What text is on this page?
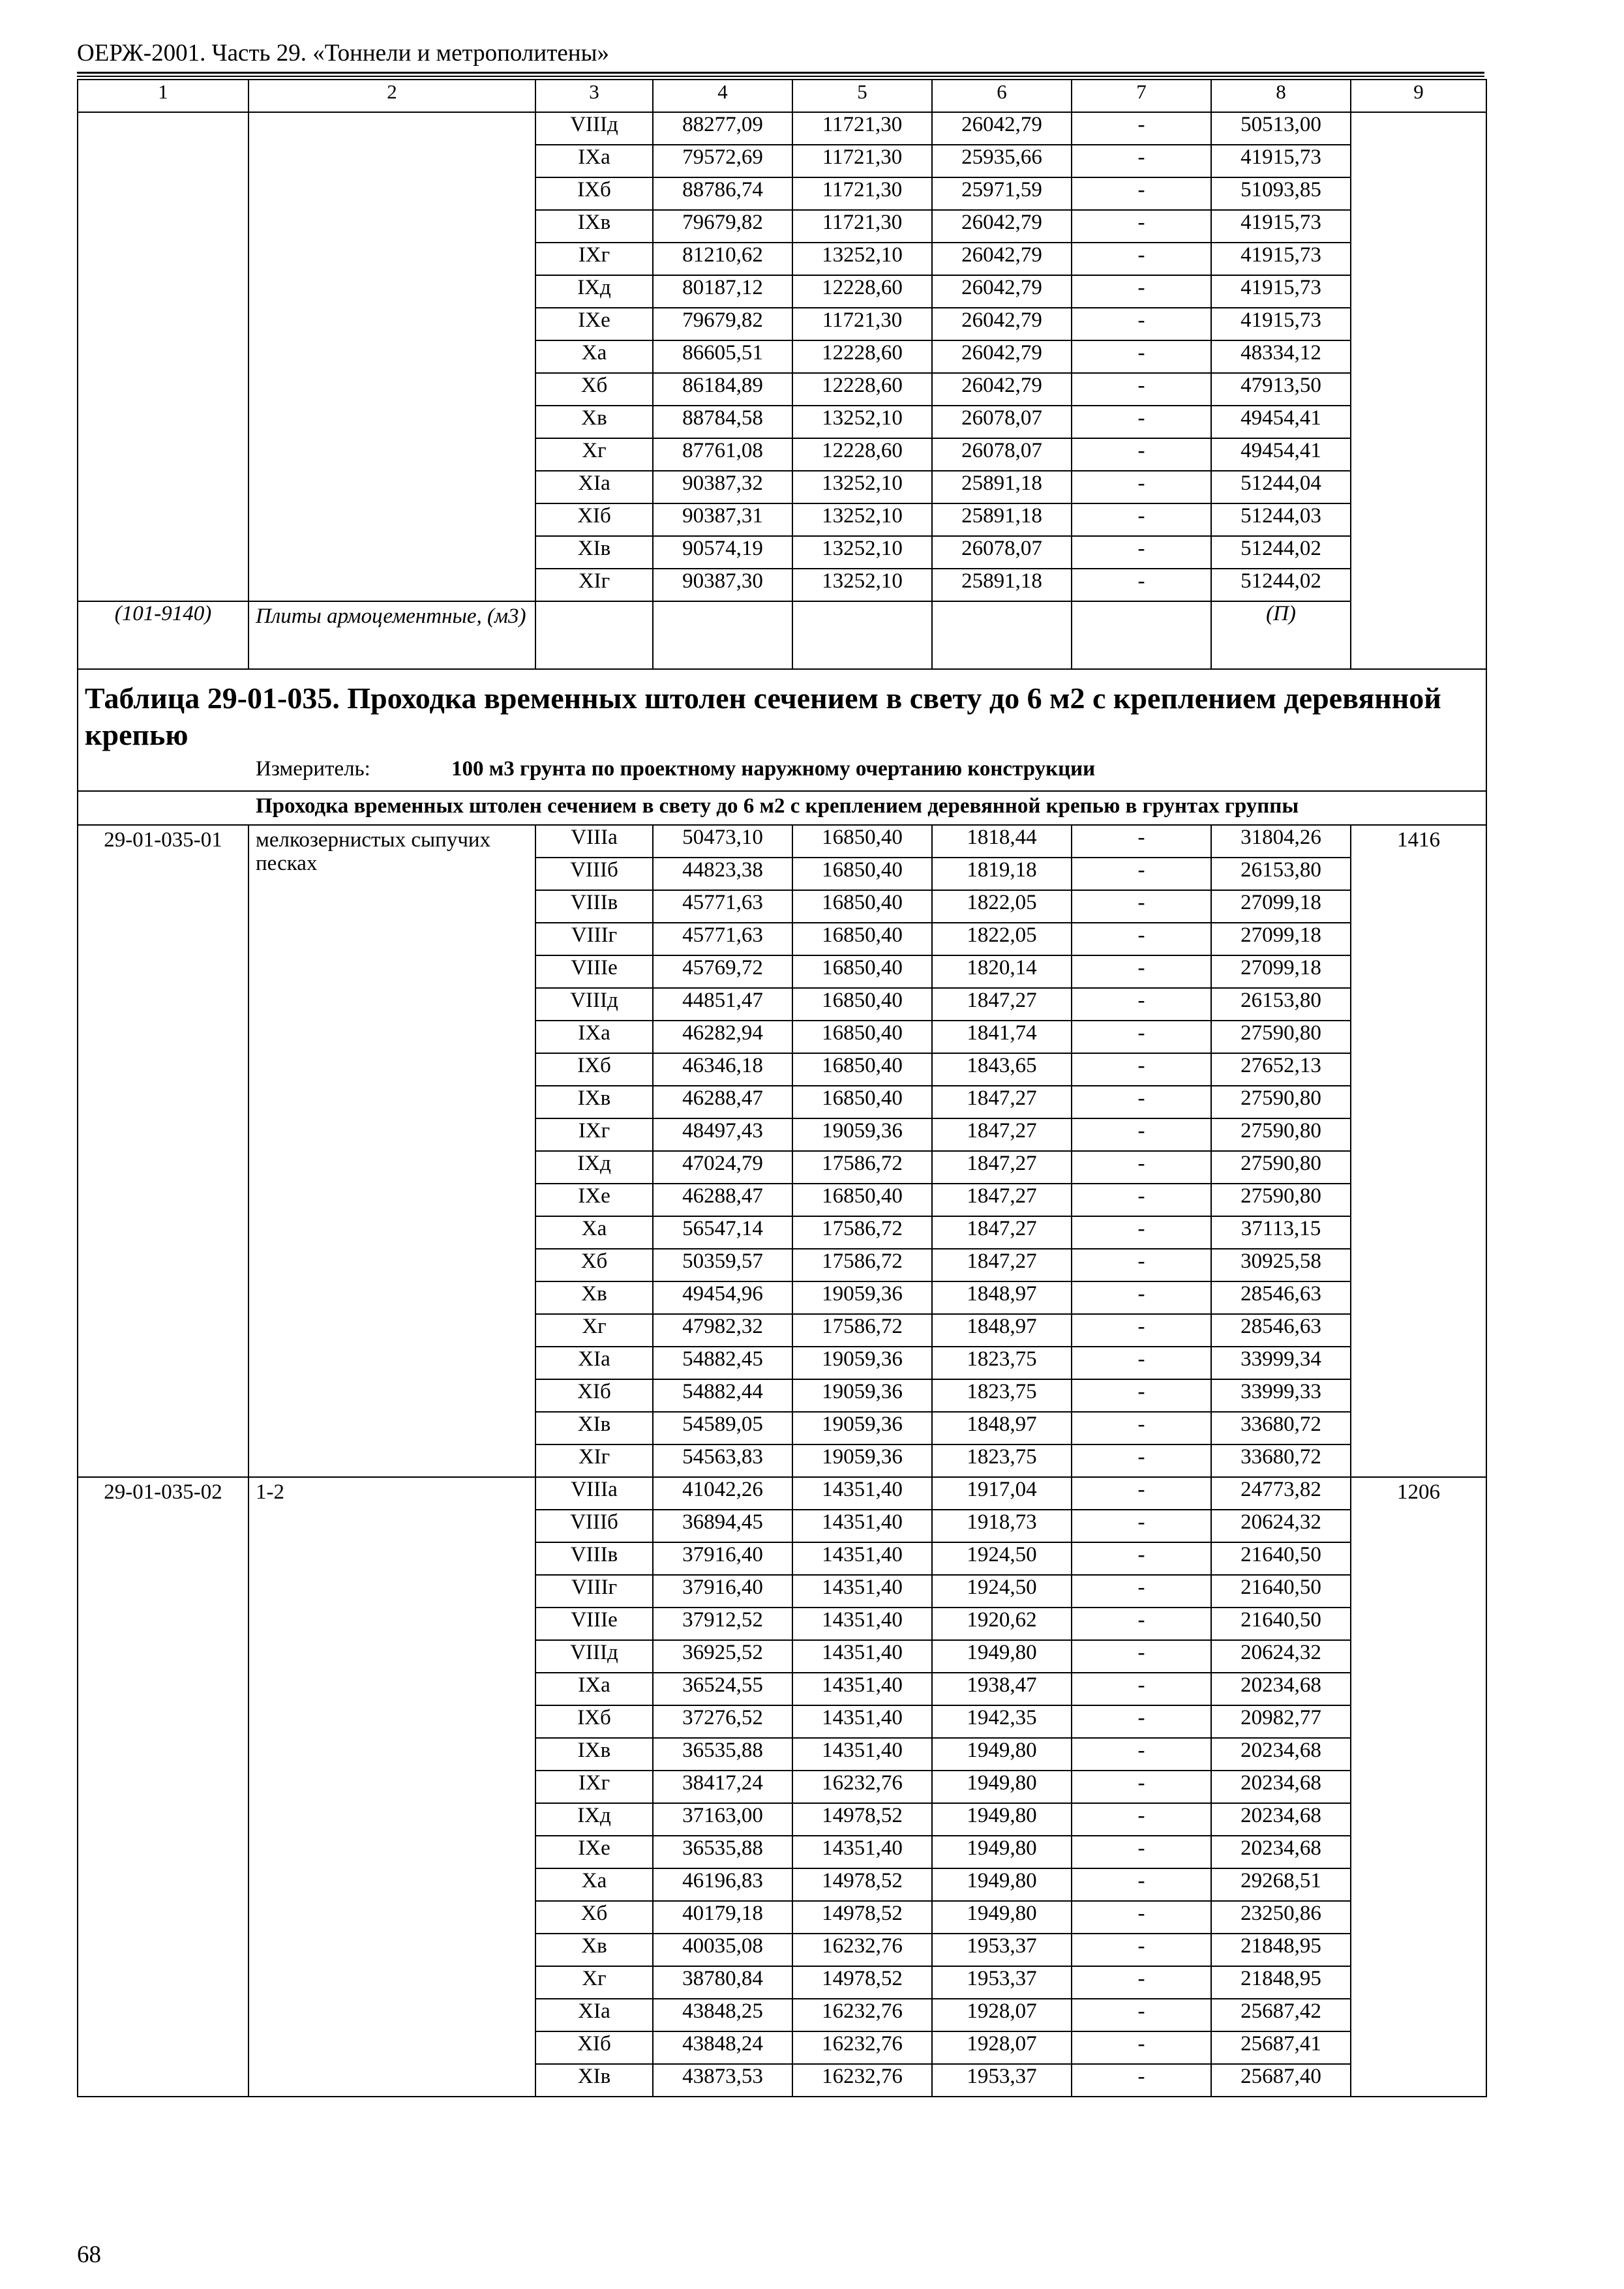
ОЕРЖ-2001. Часть 29. «Тоннели и метрополитены»
1	2	3	4	5	6	7	8	9
		VIIIд	88277,09	11721,30	26042,79	-	50513,00	
		IXа	79572,69	11721,30	25935,66	-	41915,73	
		IXб	88786,74	11721,30	25971,59	-	51093,85	
		IXв	79679,82	11721,30	26042,79	-	41915,73	
		IXг	81210,62	13252,10	26042,79	-	41915,73	
		IXд	80187,12	12228,60	26042,79	-	41915,73	
		IXе	79679,82	11721,30	26042,79	-	41915,73	
		Xа	86605,51	12228,60	26042,79	-	48334,12	
		Xб	86184,89	12228,60	26042,79	-	47913,50	
		Xв	88784,58	13252,10	26078,07	-	49454,41	
		Xг	87761,08	12228,60	26078,07	-	49454,41	
		XIа	90387,32	13252,10	25891,18	-	51244,04	
		XIб	90387,31	13252,10	25891,18	-	51244,03	
		XIв	90574,19	13252,10	26078,07	-	51244,02	
		XIг	90387,30	13252,10	25891,18	-	51244,02	
(101-9140)	Плиты армоцементные, (м3)						(П)	
Таблица 29-01-035. Проходка временных штолен сечением в свету до 6 м2 с креплением деревянной крепью								
Измеритель: 100 м3 грунта по проектному наружному очертанию конструкции								
Проходка временных штолен сечением в свету до 6 м2 с креплением деревянной крепью в грунтах группы								
29-01-035-01	мелкозернистых сыпучих песках	VIIIа	50473,10	16850,40	1818,44	-	31804,26	1416
		VIIIб	44823,38	16850,40	1819,18	-	26153,80	
		VIIIв	45771,63	16850,40	1822,05	-	27099,18	
		VIIIг	45771,63	16850,40	1822,05	-	27099,18	
		VIIIе	45769,72	16850,40	1820,14	-	27099,18	
		VIIIд	44851,47	16850,40	1847,27	-	26153,80	
		IXа	46282,94	16850,40	1841,74	-	27590,80	
		IXб	46346,18	16850,40	1843,65	-	27652,13	
		IXв	46288,47	16850,40	1847,27	-	27590,80	
		IXг	48497,43	19059,36	1847,27	-	27590,80	
		IXд	47024,79	17586,72	1847,27	-	27590,80	
		IXе	46288,47	16850,40	1847,27	-	27590,80	
		Xа	56547,14	17586,72	1847,27	-	37113,15	
		Xб	50359,57	17586,72	1847,27	-	30925,58	
		Xв	49454,96	19059,36	1848,97	-	28546,63	
		Xг	47982,32	17586,72	1848,97	-	28546,63	
		XIа	54882,45	19059,36	1823,75	-	33999,34	
		XIб	54882,44	19059,36	1823,75	-	33999,33	
		XIв	54589,05	19059,36	1848,97	-	33680,72	
		XIг	54563,83	19059,36	1823,75	-	33680,72	
29-01-035-02	1-2	VIIIа	41042,26	14351,40	1917,04	-	24773,82	1206
		VIIIб	36894,45	14351,40	1918,73	-	20624,32	
		VIIIв	37916,40	14351,40	1924,50	-	21640,50	
		VIIIг	37916,40	14351,40	1924,50	-	21640,50	
		VIIIе	37912,52	14351,40	1920,62	-	21640,50	
		VIIIд	36925,52	14351,40	1949,80	-	20624,32	
		IXа	36524,55	14351,40	1938,47	-	20234,68	
		IXб	37276,52	14351,40	1942,35	-	20982,77	
		IXв	36535,88	14351,40	1949,80	-	20234,68	
		IXг	38417,24	16232,76	1949,80	-	20234,68	
		IXд	37163,00	14978,52	1949,80	-	20234,68	
		IXе	36535,88	14351,40	1949,80	-	20234,68	
		Xа	46196,83	14978,52	1949,80	-	29268,51	
		Xб	40179,18	14978,52	1949,80	-	23250,86	
		Xв	40035,08	16232,76	1953,37	-	21848,95	
		Xг	38780,84	14978,52	1953,37	-	21848,95	
		XIа	43848,25	16232,76	1928,07	-	25687,42	
		XIб	43848,24	16232,76	1928,07	-	25687,41	
		XIв	43873,53	16232,76	1953,37	-	25687,40	
68
